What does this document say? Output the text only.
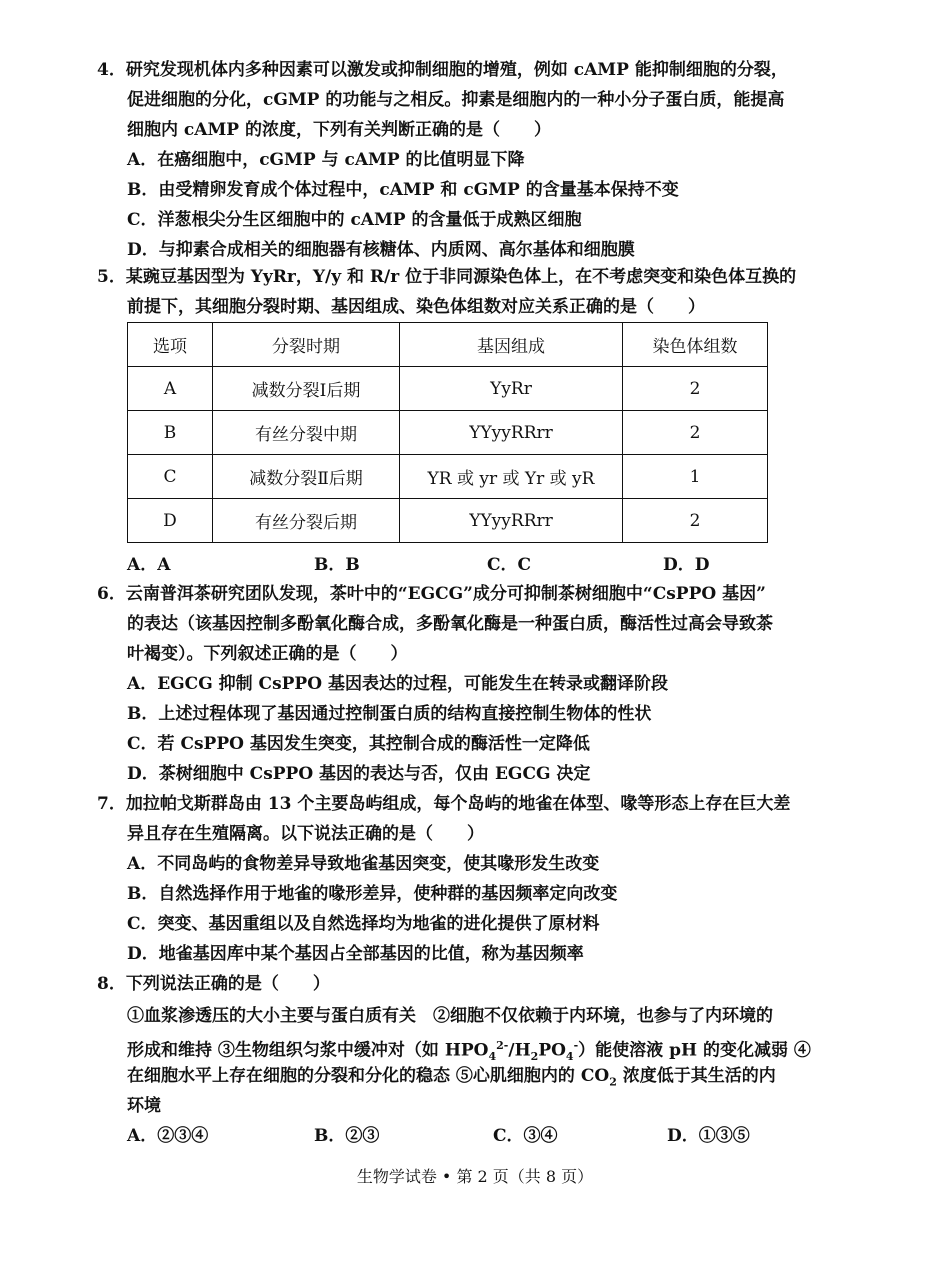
4．研究发现机体内多种因素可以激发或抑制细胞的增殖，例如 cAMP 能抑制细胞的分裂，
促进细胞的分化，cGMP 的功能与之相反。抑素是细胞内的一种小分子蛋白质，能提高
细胞内 cAMP 的浓度，下列有关判断正确的是（　　）
A．在癌细胞中，cGMP 与 cAMP 的比值明显下降
B．由受精卵发育成个体过程中，cAMP 和 cGMP 的含量基本保持不变
C．洋葱根尖分生区细胞中的 cAMP 的含量低于成熟区细胞
D．与抑素合成相关的细胞器有核糖体、内质网、高尔基体和细胞膜
5．某豌豆基因型为 YyRr，Y/y 和 R/r 位于非同源染色体上，在不考虑突变和染色体互换的
前提下，其细胞分裂时期、基因组成、染色体组数对应关系正确的是（　　）
选项	分裂时期	基因组成	染色体组数
A	减数分裂Ⅰ后期	YyRr	2
B	有丝分裂中期	YYyyRRrr	2
C	减数分裂Ⅱ后期	YR 或 yr 或 Yr 或 yR	1
D	有丝分裂后期	YYyyRRrr	2
A．A	B．B	C．C	D．D
6．云南普洱茶研究团队发现，茶叶中的“EGCG”成分可抑制茶树细胞中“CsPPO 基因”
的表达（该基因控制多酚氧化酶合成，多酚氧化酶是一种蛋白质，酶活性过高会导致茶
叶褐变）。下列叙述正确的是（　　）
A．EGCG 抑制 CsPPO 基因表达的过程，可能发生在转录或翻译阶段
B．上述过程体现了基因通过控制蛋白质的结构直接控制生物体的性状
C．若 CsPPO 基因发生突变，其控制合成的酶活性一定降低
D．茶树细胞中 CsPPO 基因的表达与否，仅由 EGCG 决定
7．加拉帕戈斯群岛由 13 个主要岛屿组成，每个岛屿的地雀在体型、喙等形态上存在巨大差
异且存在生殖隔离。以下说法正确的是（　　）
A．不同岛屿的食物差异导致地雀基因突变，使其喙形发生改变
B．自然选择作用于地雀的喙形差异，使种群的基因频率定向改变
C．突变、基因重组以及自然选择均为地雀的进化提供了原材料
D．地雀基因库中某个基因占全部基因的比值，称为基因频率
8．下列说法正确的是（　　）
①血浆渗透压的大小主要与蛋白质有关　②细胞不仅依赖于内环境，也参与了内环境的
形成和维持 ③生物组织匀浆中缓冲对（如 $HPO_4^{2-}/H_2PO_4^-$）能使溶液 pH 的变化减弱 ④
在细胞水平上存在细胞的分裂和分化的稳态 ⑤心肌细胞内的 $CO_2$ 浓度低于其生活的内
环境
A．②③④	B．②③	C．③④	D．①③⑤
生物学试卷 • 第 2 页（共 8 页）
